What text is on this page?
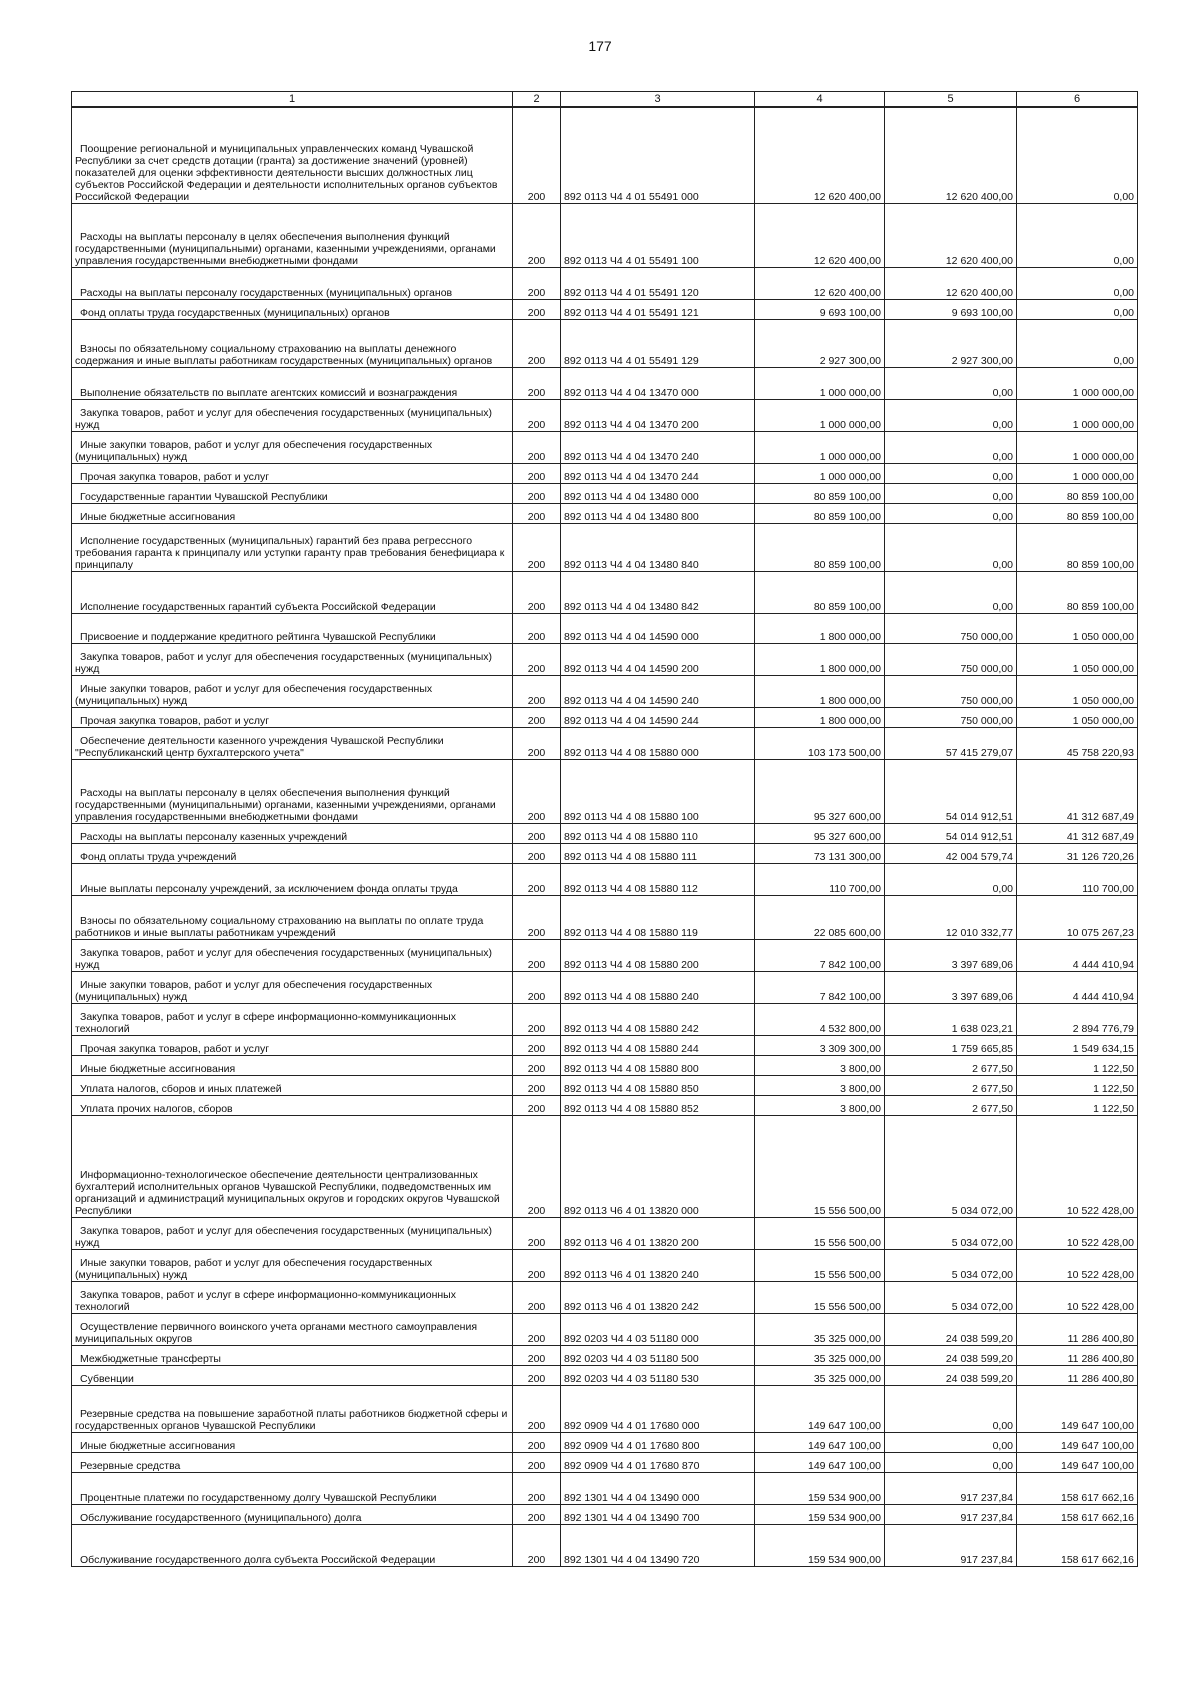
177
1	2	3	4	5	6

Поощрение региональной и муниципальных управленческих команд Чувашской Республики за счет средств дотации (гранта) за достижение значений (уровней) показателей для оценки эффективности деятельности высших должностных лиц субъектов Российской Федерации и деятельности исполнительных органов субъектов Российской Федерации	200	892 0113 Ч4 4 01 55491 000	12 620 400,00	12 620 400,00	0,00

Расходы на выплаты персоналу в целях обеспечения выполнения функций государственными (муниципальными) органами, казенными учреждениями, органами управления государственными внебюджетными фондами	200	892 0113 Ч4 4 01 55491 100	12 620 400,00	12 620 400,00	0,00

Расходы на выплаты персоналу государственных (муниципальных) органов	200	892 0113 Ч4 4 01 55491 120	12 620 400,00	12 620 400,00	0,00

Фонд оплаты труда государственных (муниципальных) органов	200	892 0113 Ч4 4 01 55491 121	9 693 100,00	9 693 100,00	0,00

Взносы по обязательному социальному страхованию на выплаты денежного содержания и иные выплаты работникам государственных (муниципальных) органов	200	892 0113 Ч4 4 01 55491 129	2 927 300,00	2 927 300,00	0,00

Выполнение обязательств по выплате агентских комиссий и вознаграждения	200	892 0113 Ч4 4 04 13470 000	1 000 000,00	0,00	1 000 000,00

Закупка товаров, работ и услуг для обеспечения государственных (муниципальных) нужд	200	892 0113 Ч4 4 04 13470 200	1 000 000,00	0,00	1 000 000,00

Иные закупки товаров, работ и услуг для обеспечения государственных (муниципальных) нужд	200	892 0113 Ч4 4 04 13470 240	1 000 000,00	0,00	1 000 000,00

Прочая закупка товаров, работ и услуг	200	892 0113 Ч4 4 04 13470 244	1 000 000,00	0,00	1 000 000,00

Государственные гарантии Чувашской Республики	200	892 0113 Ч4 4 04 13480 000	80 859 100,00	0,00	80 859 100,00

Иные бюджетные ассигнования	200	892 0113 Ч4 4 04 13480 800	80 859 100,00	0,00	80 859 100,00

Исполнение государственных (муниципальных) гарантий без права регрессного требования гаранта к принципалу или уступки гаранту прав требования бенефициара к принципалу	200	892 0113 Ч4 4 04 13480 840	80 859 100,00	0,00	80 859 100,00

Исполнение государственных гарантий субъекта Российской Федерации	200	892 0113 Ч4 4 04 13480 842	80 859 100,00	0,00	80 859 100,00

Присвоение и поддержание кредитного рейтинга Чувашской Республики	200	892 0113 Ч4 4 04 14590 000	1 800 000,00	750 000,00	1 050 000,00

Закупка товаров, работ и услуг для обеспечения государственных (муниципальных) нужд	200	892 0113 Ч4 4 04 14590 200	1 800 000,00	750 000,00	1 050 000,00

Иные закупки товаров, работ и услуг для обеспечения государственных (муниципальных) нужд	200	892 0113 Ч4 4 04 14590 240	1 800 000,00	750 000,00	1 050 000,00

Прочая закупка товаров, работ и услуг	200	892 0113 Ч4 4 04 14590 244	1 800 000,00	750 000,00	1 050 000,00

Обеспечение деятельности казенного учреждения Чувашской Республики "Республиканский центр бухгалтерского учета"	200	892 0113 Ч4 4 08 15880 000	103 173 500,00	57 415 279,07	45 758 220,93

Расходы на выплаты персоналу в целях обеспечения выполнения функций государственными (муниципальными) органами, казенными учреждениями, органами управления государственными внебюджетными фондами	200	892 0113 Ч4 4 08 15880 100	95 327 600,00	54 014 912,51	41 312 687,49

Расходы на выплаты персоналу казенных учреждений	200	892 0113 Ч4 4 08 15880 110	95 327 600,00	54 014 912,51	41 312 687,49

Фонд оплаты труда учреждений	200	892 0113 Ч4 4 08 15880 111	73 131 300,00	42 004 579,74	31 126 720,26

Иные выплаты персоналу учреждений, за исключением фонда оплаты труда	200	892 0113 Ч4 4 08 15880 112	110 700,00	0,00	110 700,00

Взносы по обязательному социальному страхованию на выплаты по оплате труда работников и иные выплаты работникам учреждений	200	892 0113 Ч4 4 08 15880 119	22 085 600,00	12 010 332,77	10 075 267,23

Закупка товаров, работ и услуг для обеспечения государственных (муниципальных) нужд	200	892 0113 Ч4 4 08 15880 200	7 842 100,00	3 397 689,06	4 444 410,94

Иные закупки товаров, работ и услуг для обеспечения государственных (муниципальных) нужд	200	892 0113 Ч4 4 08 15880 240	7 842 100,00	3 397 689,06	4 444 410,94

Закупка товаров, работ и услуг в сфере информационно-коммуникационных технологий	200	892 0113 Ч4 4 08 15880 242	4 532 800,00	1 638 023,21	2 894 776,79

Прочая закупка товаров, работ и услуг	200	892 0113 Ч4 4 08 15880 244	3 309 300,00	1 759 665,85	1 549 634,15

Иные бюджетные ассигнования	200	892 0113 Ч4 4 08 15880 800	3 800,00	2 677,50	1 122,50

Уплата налогов, сборов и иных платежей	200	892 0113 Ч4 4 08 15880 850	3 800,00	2 677,50	1 122,50

Уплата прочих налогов, сборов	200	892 0113 Ч4 4 08 15880 852	3 800,00	2 677,50	1 122,50

Информационно-технологическое обеспечение деятельности централизованных бухгалтерий исполнительных органов Чувашской Республики, подведомственных им организаций и администраций муниципальных округов и городских округов Чувашской Республики	200	892 0113 Ч6 4 01 13820 000	15 556 500,00	5 034 072,00	10 522 428,00

Закупка товаров, работ и услуг для обеспечения государственных (муниципальных) нужд	200	892 0113 Ч6 4 01 13820 200	15 556 500,00	5 034 072,00	10 522 428,00

Иные закупки товаров, работ и услуг для обеспечения государственных (муниципальных) нужд	200	892 0113 Ч6 4 01 13820 240	15 556 500,00	5 034 072,00	10 522 428,00

Закупка товаров, работ и услуг в сфере информационно-коммуникационных технологий	200	892 0113 Ч6 4 01 13820 242	15 556 500,00	5 034 072,00	10 522 428,00

Осуществление первичного воинского учета органами местного самоуправления муниципальных округов	200	892 0203 Ч4 4 03 51180 000	35 325 000,00	24 038 599,20	11 286 400,80

Межбюджетные трансферты	200	892 0203 Ч4 4 03 51180 500	35 325 000,00	24 038 599,20	11 286 400,80

Субвенции	200	892 0203 Ч4 4 03 51180 530	35 325 000,00	24 038 599,20	11 286 400,80

Резервные средства на повышение заработной платы работников бюджетной сферы и государственных органов Чувашской Республики	200	892 0909 Ч4 4 01 17680 000	149 647 100,00	0,00	149 647 100,00

Иные бюджетные ассигнования	200	892 0909 Ч4 4 01 17680 800	149 647 100,00	0,00	149 647 100,00

Резервные средства	200	892 0909 Ч4 4 01 17680 870	149 647 100,00	0,00	149 647 100,00

Процентные платежи по государственному долгу Чувашской Республики	200	892 1301 Ч4 4 04 13490 000	159 534 900,00	917 237,84	158 617 662,16

Обслуживание государственного (муниципального) долга	200	892 1301 Ч4 4 04 13490 700	159 534 900,00	917 237,84	158 617 662,16

Обслуживание государственного долга субъекта Российской Федерации	200	892 1301 Ч4 4 04 13490 720	159 534 900,00	917 237,84	158 617 662,16
